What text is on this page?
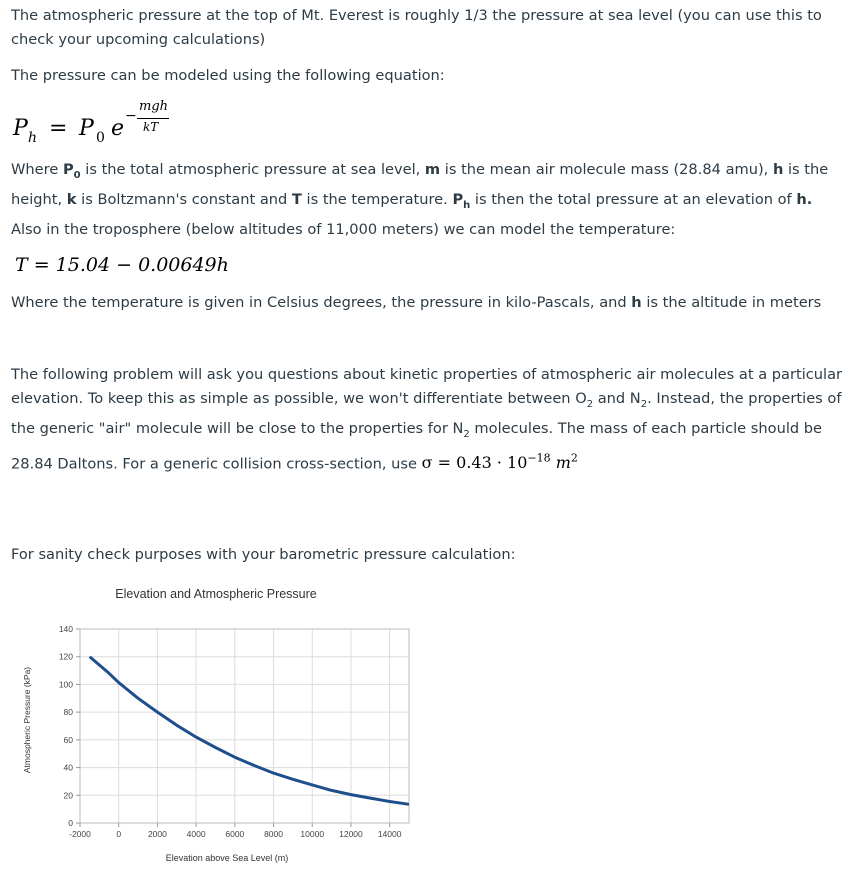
The atmospheric pressure at the top of Mt. Everest is roughly 1/3 the pressure at sea level (you can use this to check your upcoming calculations)

The pressure can be modeled using the following equation:

P h = P 0 e −
mgh
kT

Where $P_0$ is the total atmospheric pressure at sea level, m is the mean air molecule mass (28.84 amu), h is the height, k is Boltzmann's constant and T is the temperature. $P_h$ is then the total pressure at an elevation of h.

Also in the troposphere (below altitudes of 11,000 meters) we can model the temperature:

T = 15.04 − 0.00649h

Where the temperature is given in Celsius degrees, the pressure in kilo-Pascals, and h is the altitude in meters

The following problem will ask you questions about kinetic properties of atmospheric air molecules at a particular elevation. To keep this as simple as possible, we won't differentiate between $O_2$ and $N_2$. Instead, the properties of the generic "air" molecule will be close to the properties for $N_2$ molecules. The mass of each particle should be 28.84 Daltons. For a generic collision cross-section, use $\sigma = 0.43 \cdot 10^{-18}$ $m^2$

For sanity check purposes with your barometric pressure calculation:

Elevation and Atmospheric Pressure
0
20
40
60
80
100
120
140
-2000	0	2000 4000 6000 8000 10000 12000 14000
Elevation above Sea Level (m)
Atmospheric Pressure (kPa)
